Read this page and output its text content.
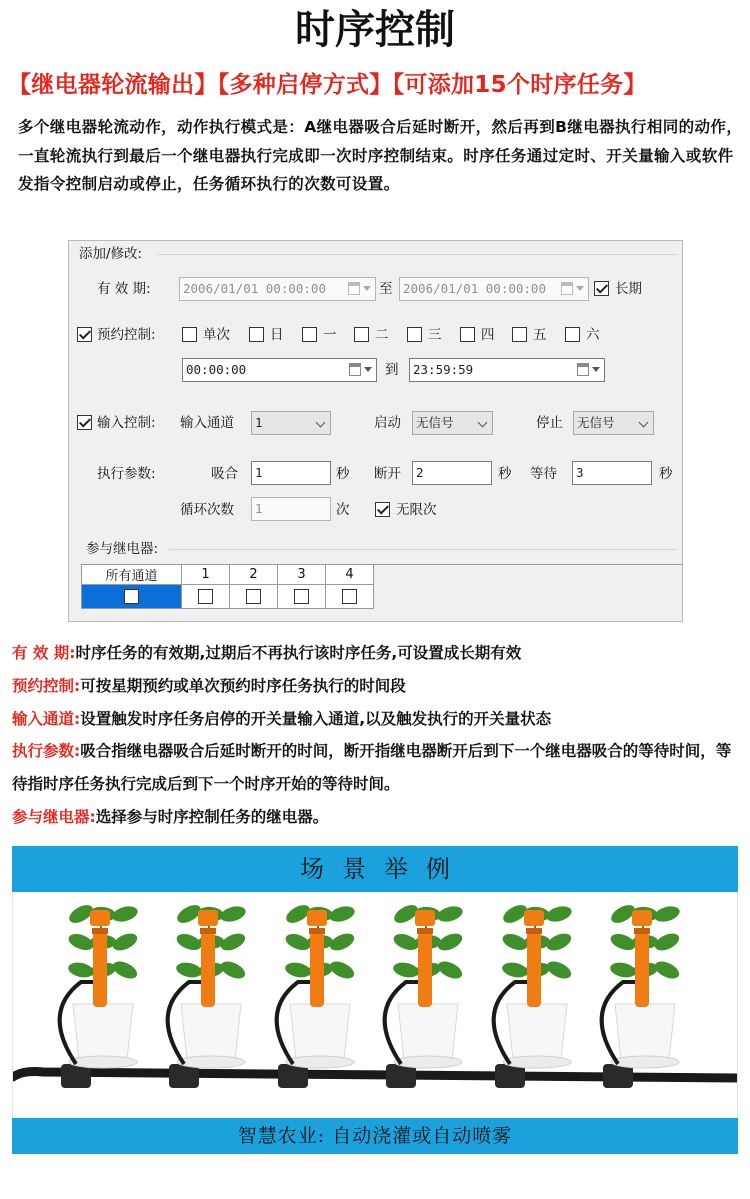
时序控制
【继电器轮流输出】【多种启停方式】【可添加15个时序任务】
多个继电器轮流动作，动作执行模式是：A继电器吸合后延时断开，然后再到B继电器执行相同的动作，一直轮流执行到最后一个继电器执行完成即一次时序控制结束。时序任务通过定时、开关量输入或软件发指令控制启动或停止，任务循环执行的次数可设置。
添加/修改:
有 效 期:	2006/01/01 00:00:00	至 2006/01/01 00:00:00	长期
预约控制:	单次	日	一	二	三	四	五	六
00:00:00	到	23:59:59
输入控制: 输入通道	1	启动	无信号	停止	无信号
执行参数:	吸合	1	秒 断开	2	秒 等待	3	秒
循环次数	1	次	无限次
参与继电器:
所有通道	1	2	3	4

有 效 期:时序任务的有效期,过期后不再执行该时序任务,可设置成长期有效
预约控制:可按星期预约或单次预约时序任务执行的时间段
输入通道:设置触发时序任务启停的开关量输入通道,以及触发执行的开关量状态
执行参数:吸合指继电器吸合后延时断开的时间，断开指继电器断开后到下一个继电器吸合的等待时间，等待指时序任务执行完成后到下一个时序开始的等待时间。
参与继电器:选择参与时序控制任务的继电器。
场景举例
智慧农业: 自动浇灌或自动喷雾
